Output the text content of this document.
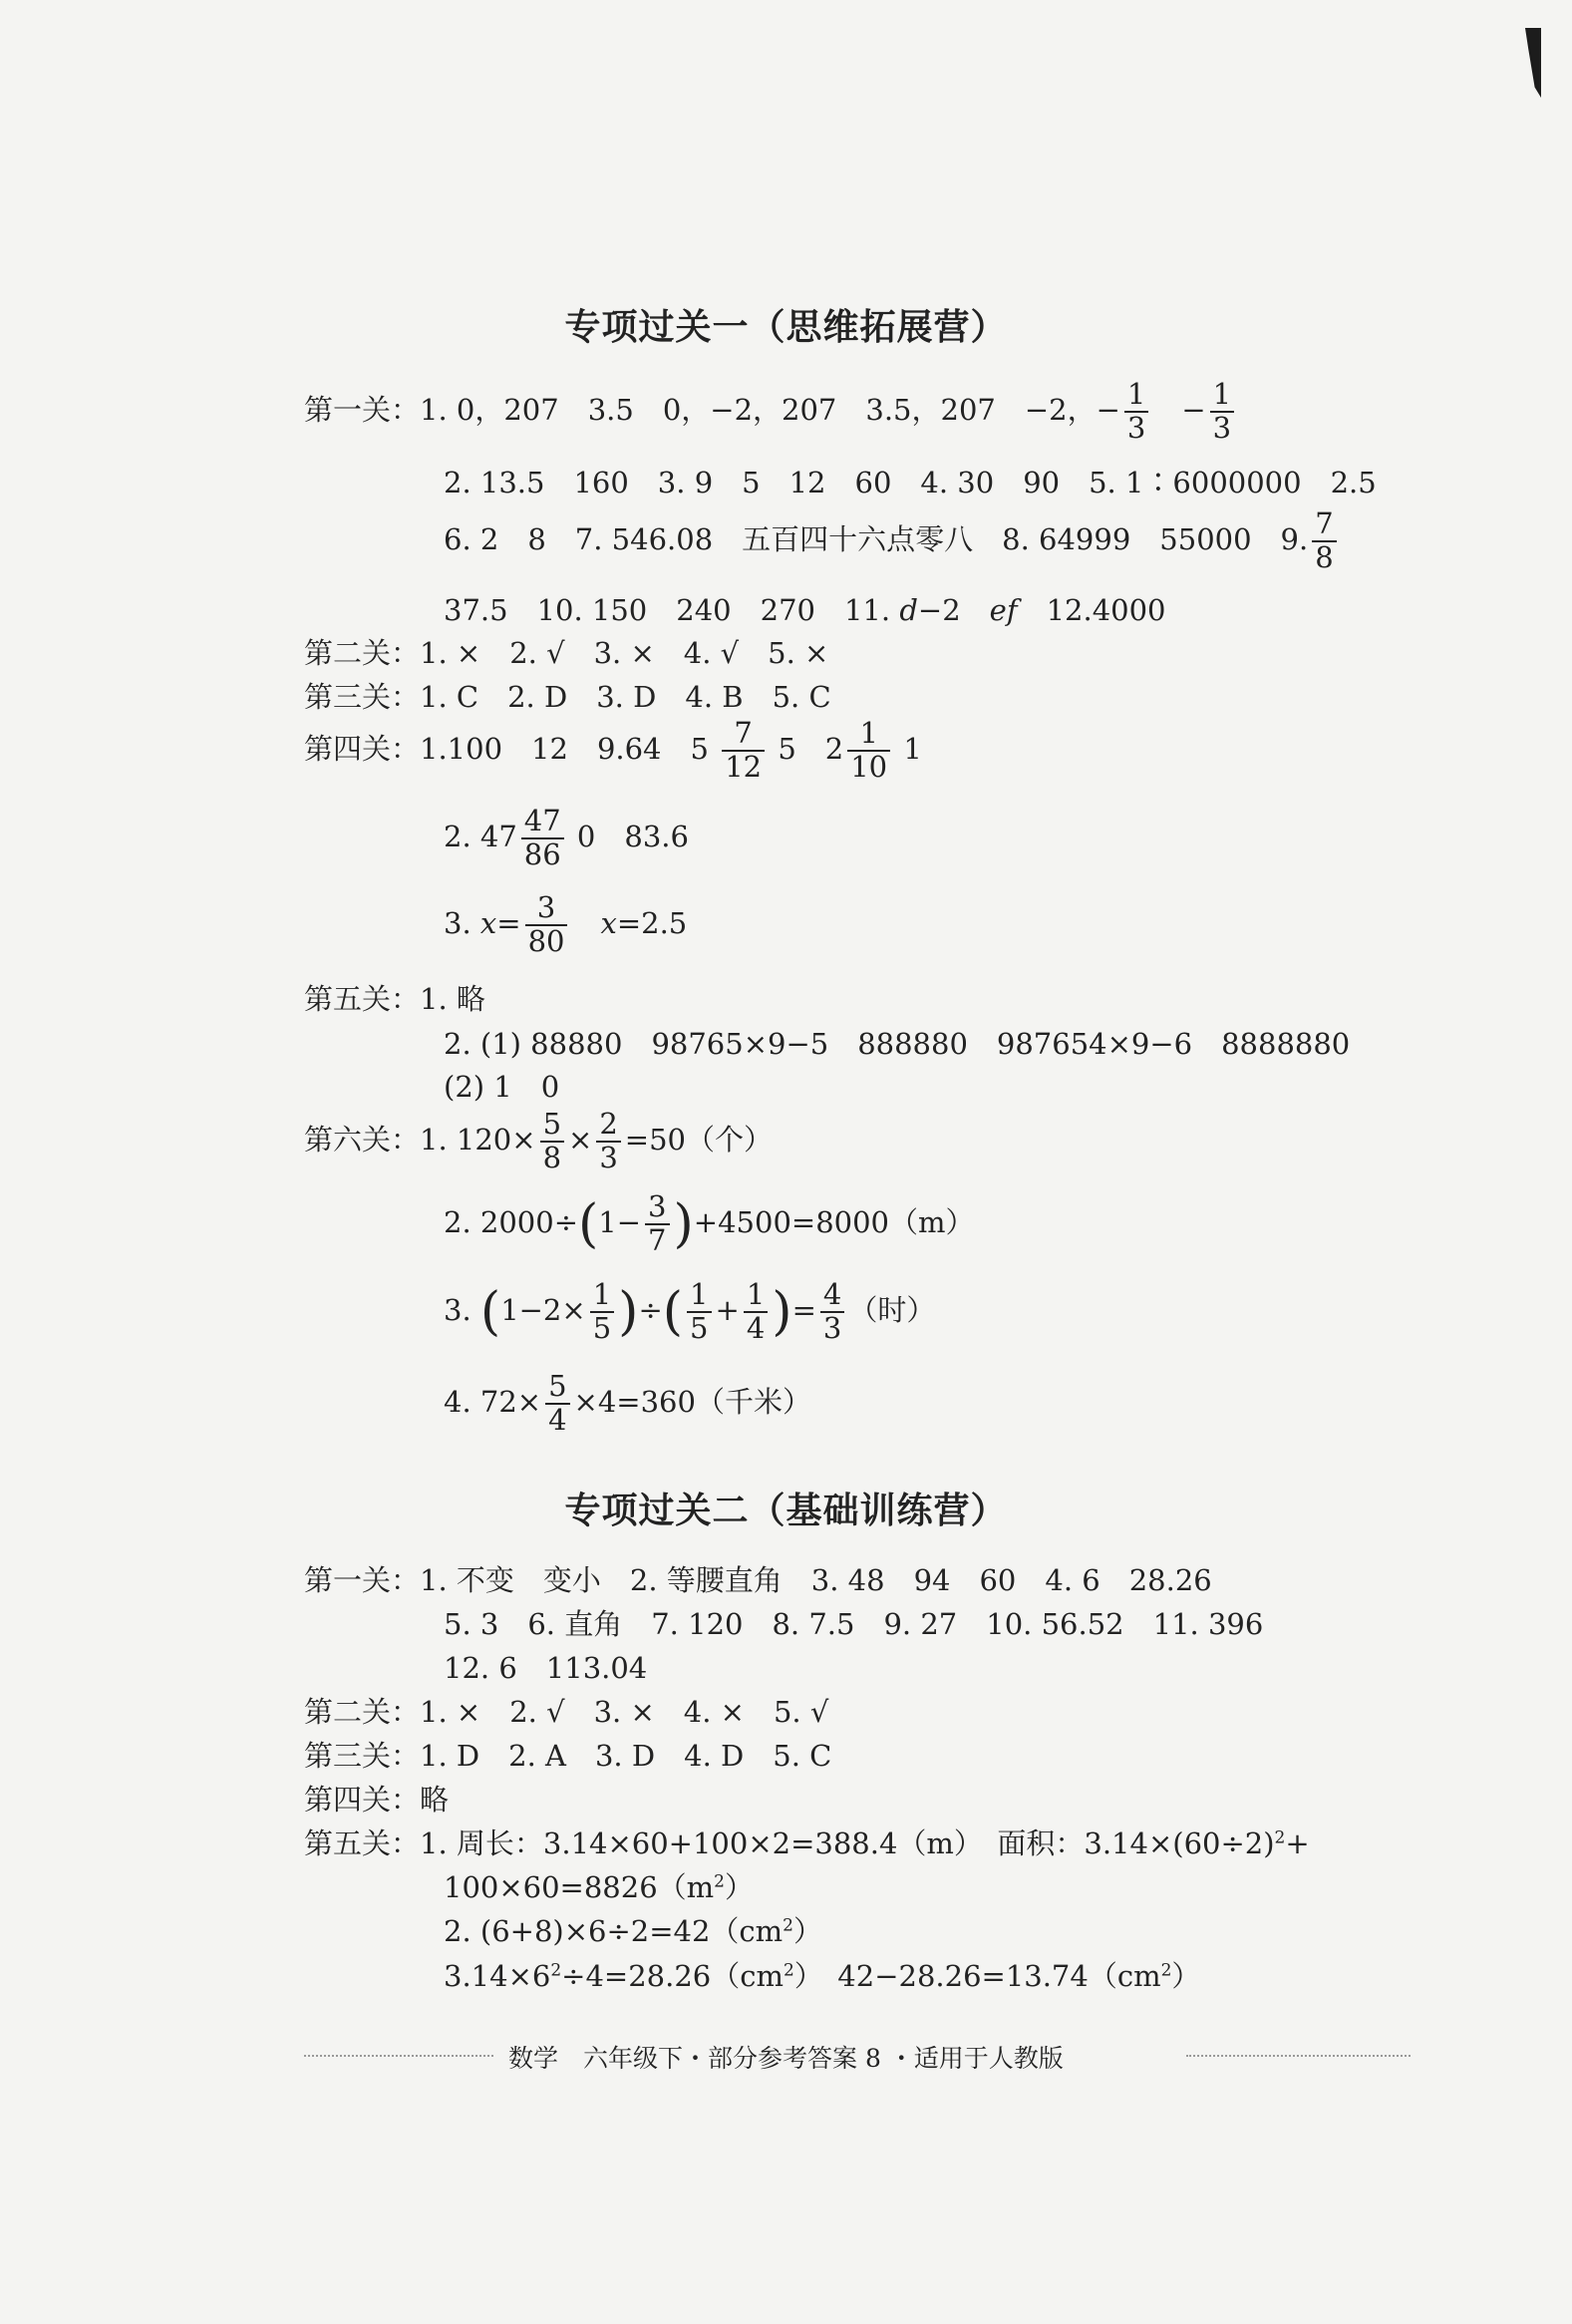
专项过关一（思维拓展营）
第一关：1. 0，207　3.5　0，−2，207　3.5，207　−2，− $\frac{1}{3}$ 　− $\frac{1}{3}$
2. 13.5　160　3. 9　5　12　60　4. 30　90　5. 1∶6000000　2.5
6. 2　8　7. 546.08　五百四十六点零八　8. 64999　55000　9. $\frac{7}{8}$
37.5　10. 150　240　270　11. d−2　 ef　 12.4000
第二关：1. ×　2. √　3. ×　4. √　5. ×
第三关：1. C　2. D　3. D　4. B　5. C
第四关：1.100　12　9.64　$5 \frac{7}{12} 5$　$2 \frac{1}{10} 1$
2. $47 \frac{47}{86} 0$　83.6
3. $x= \frac{3}{80}$
　 x=2.5
第五关：1. 略
2. (1) 88880　98765×9−5　888880　987654×9−6　8888880
(2) 1　0
第六关：1. $120\times \frac{5}{8} \times \frac{2}{3} =50$（个）
2. $2000\div(1- \frac{3}{7} )+4500=8000(m)$
3. ($1-2\times \frac{1}{5}$ )÷( $\frac{1}{5} + \frac{1}{4}$ )= $\frac{4}{3}$ （时）
4. $72\times \frac{5}{4} \times 4=360$（千米）
专项过关二（基础训练营）
第一关：1. 不变　变小　2. 等腰直角　3. 48　94　60　4. 6　28.26
5. 3　6. 直角　7. 120　8. 7.5　9. 27　10. 56.52　11. 396
12. 6　113.04
第二关：1. ×　2. √　3. ×　4. ×　5. √
第三关：1. D　2. A　3. D　4. D　5. C
第四关：略
第五关：1. 周长：3.14×60+100×2=388.4（m）　面积：$3.14\times(60\div 2)^2+$
$100\times 60=8826(m^2)$
2. $(6+8)\times 6\div 2=42(cm^2)$
$3.14\times 6^2\div 4=28.26(cm^2)$　$42-28.26=13.74(cm^2)$
数学　六年级下・部分参考答案 8 ・适用于人教版
